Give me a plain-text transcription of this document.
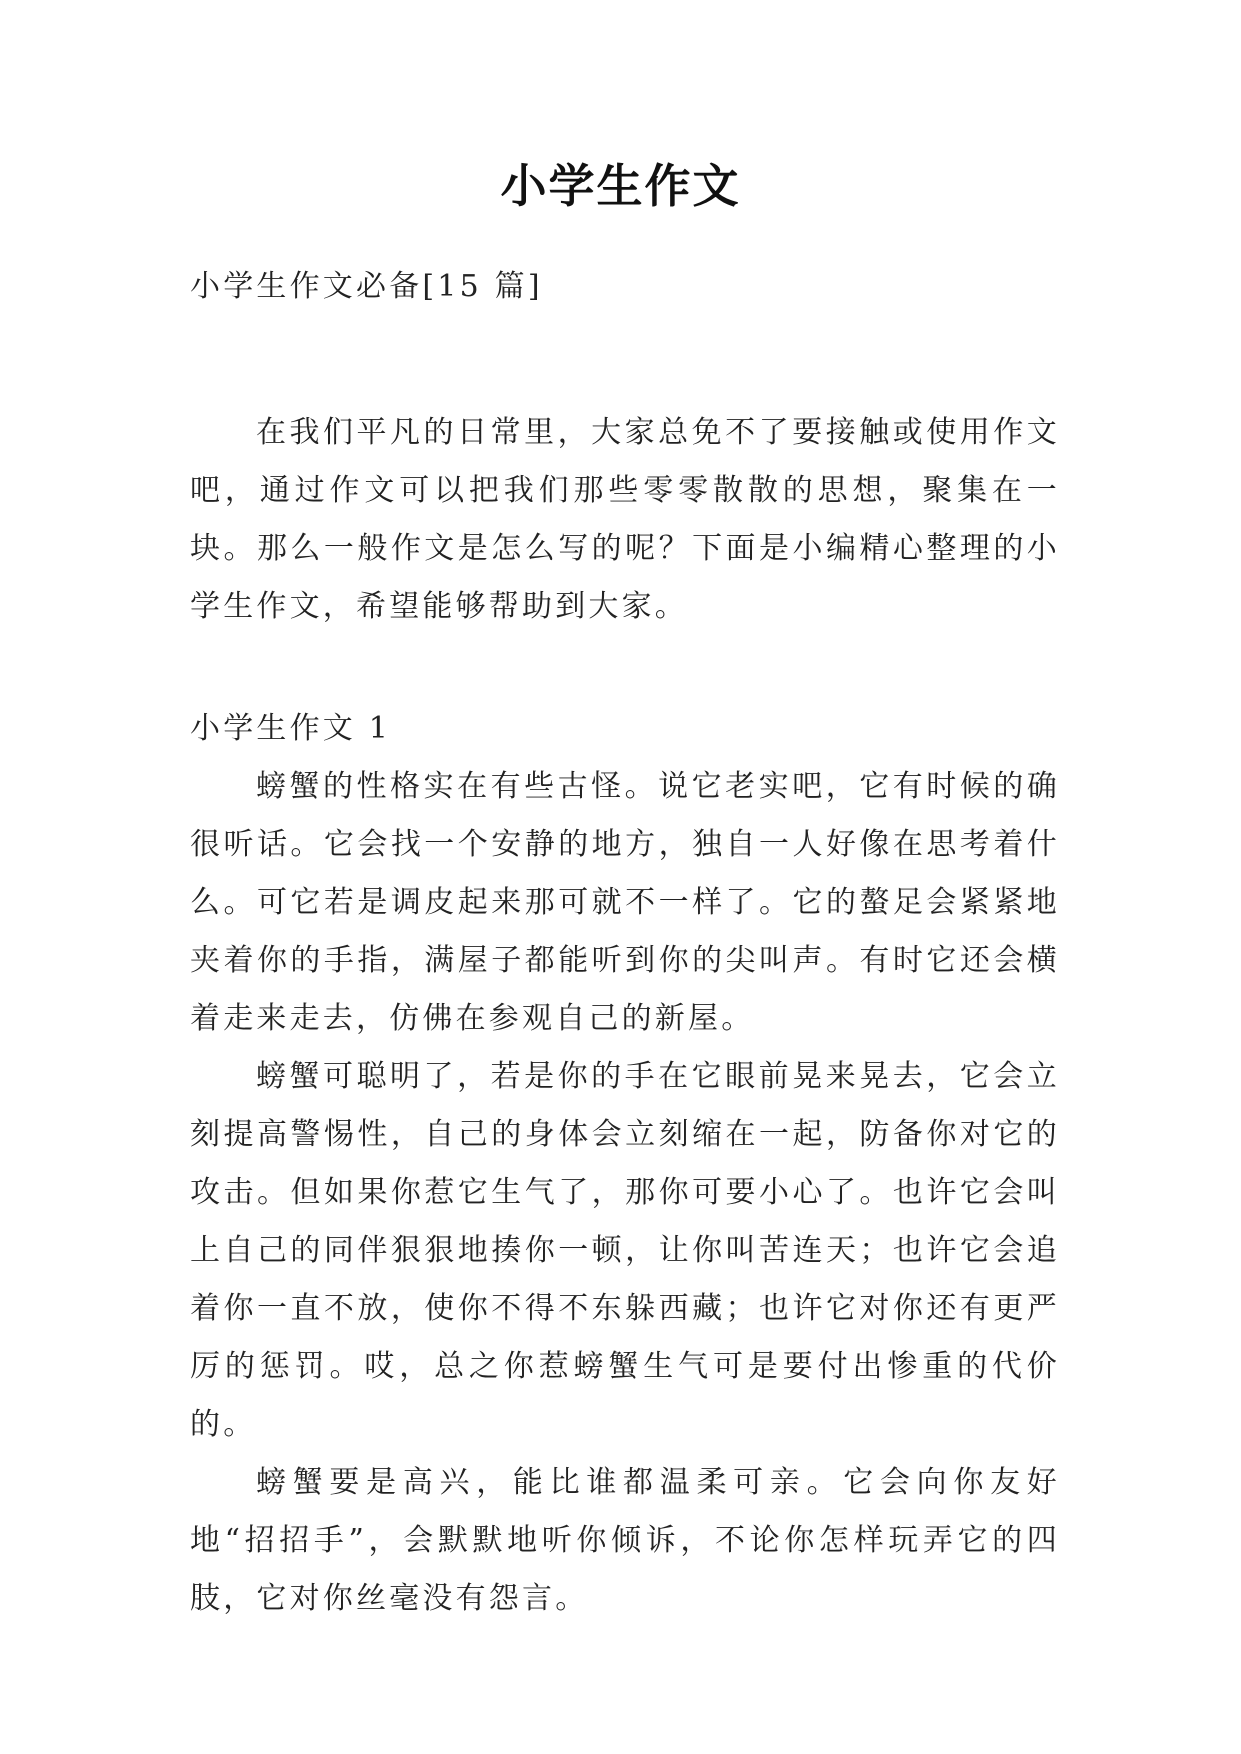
小学生作文

小学生作文必备[15 篇]

在我们平凡的日常里，大家总免不了要接触或使用作文吧，通过作文可以把我们那些零零散散的思想，聚集在一块。那么一般作文是怎么写的呢？下面是小编精心整理的小学生作文，希望能够帮助到大家。

小学生作文 1

螃蟹的性格实在有些古怪。说它老实吧，它有时候的确很听话。它会找一个安静的地方，独自一人好像在思考着什么。可它若是调皮起来那可就不一样了。它的螯足会紧紧地夹着你的手指，满屋子都能听到你的尖叫声。有时它还会横着走来走去，仿佛在参观自己的新屋。
螃蟹可聪明了，若是你的手在它眼前晃来晃去，它会立刻提高警惕性，自己的身体会立刻缩在一起，防备你对它的攻击。但如果你惹它生气了，那你可要小心了。也许它会叫上自己的同伴狠狠地揍你一顿，让你叫苦连天；也许它会追着你一直不放，使你不得不东躲西藏；也许它对你还有更严厉的惩罚。哎，总之你惹螃蟹生气可是要付出惨重的代价的。
螃蟹要是高兴，能比谁都温柔可亲。它会向你友好地“招招手”，会默默地听你倾诉，不论你怎样玩弄它的四肢，它对你丝毫没有怨言。
